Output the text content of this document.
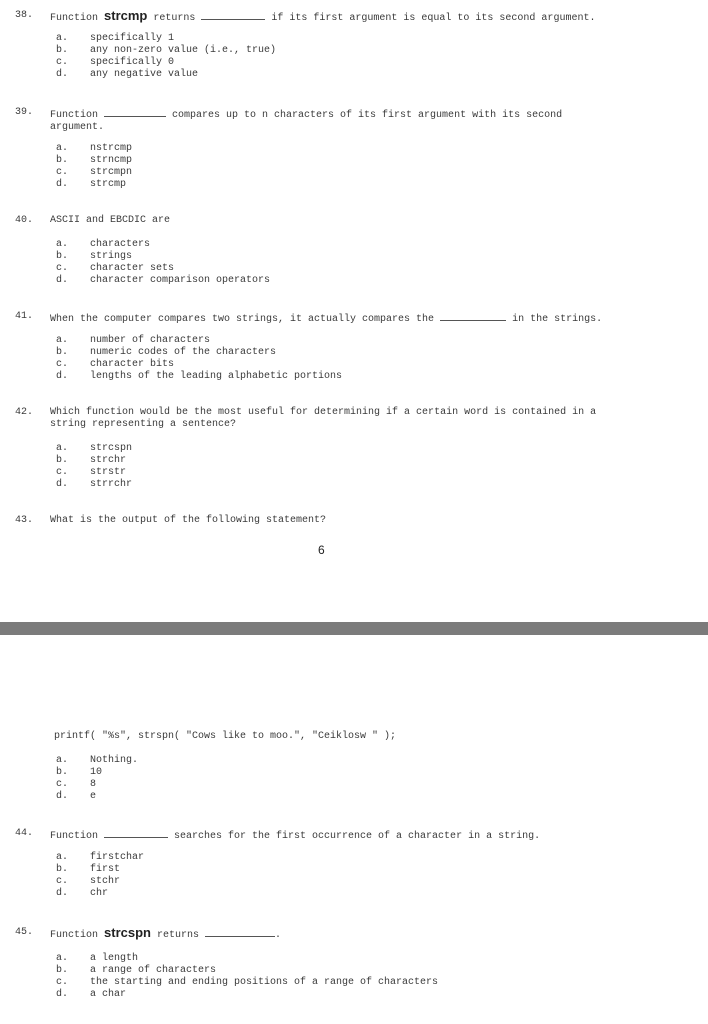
38. Function strcmp returns	if its first argument is equal to its second argument.
a. specifically 1
b. any non-zero value (i.e., true)
c. specifically 0
d. any negative value
39. Function	compares up to n characters of its first argument with its second
argument.
a. nstrcmp
b. strncmp
c. strcmpn
d. strcmp
40. ASCII and EBCDIC are
a. characters
b. strings
c. character sets
d. character comparison operators
41. When the computer compares two strings, it actually compares the	in the strings.
a. number of characters
b. numeric codes of the characters
c. character bits
d. lengths of the leading alphabetic portions
42. Which function would be the most useful for determining if a certain word is contained in a
string representing a sentence?
a. strcspn
b. strchr
c. strstr
d. strrchr
43. What is the output of the following statement?
6
printf( "%s", strspn( "Cows like to moo.", "Ceiklosw " );
a. Nothing.
b. 10
c. 8
d. e
44. Function	searches for the first occurrence of a character in a string.
a. firstchar
b. first
c. stchr
d. chr
45. Function strcspn returns	.
a. a length
b. a range of characters
c. the starting and ending positions of a range of characters
d. a char
